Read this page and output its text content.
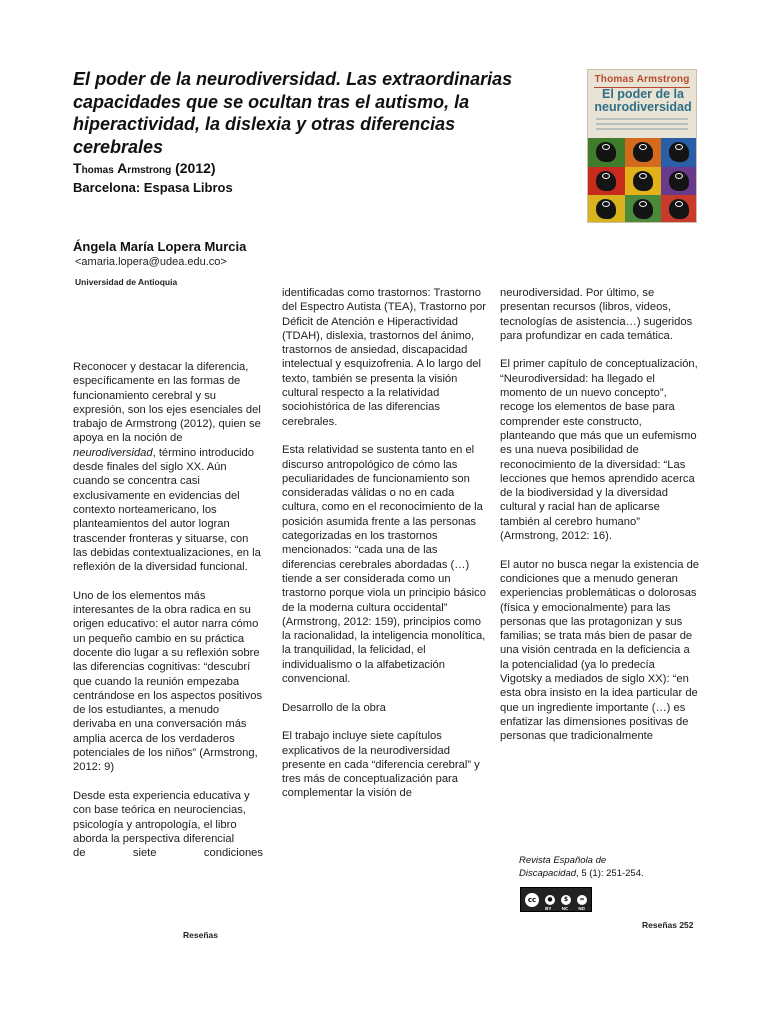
El poder de la neurodiversidad. Las extraordinarias capacidades que se ocultan tras el autismo, la hiperactividad, la dislexia y otras diferencias cerebrales
Thomas Armstrong (2012)
Barcelona: Espasa Libros
Thomas Armstrong
El poder de la
neurodiversidad
Ángela María Lopera Murcia
<amaria.lopera@udea.edu.co>
Universidad de Antioquia

Reconocer y destacar la diferencia, específicamente en las formas de funcionamiento cerebral y su expresión, son los ejes esenciales del trabajo de Armstrong (2012), quien se apoya en la noción de neurodiversidad, término introducido desde finales del siglo XX. Aún cuando se concentra casi exclusivamente en evidencias del contexto norteamericano, los planteamientos del autor logran trascender fronteras y situarse, con las debidas contextualizaciones, en la reflexión de la diversidad funcional.

Uno de los elementos más interesantes de la obra radica en su origen educativo: el autor narra cómo un pequeño cambio en su práctica docente dio lugar a su reflexión sobre las diferencias cognitivas: “descubrí que cuando la reunión empezaba centrándose en los aspectos positivos de los estudiantes, a menudo derivaba en una conversación más amplia acerca de los verdaderos potenciales de los niños” (Armstrong, 2012: 9)

Desde esta experiencia educativa y con base teórica en neurociencias, psicología y antropología, el libro aborda la perspectiva diferencial

de	siete	condiciones

identificadas como trastornos: Trastorno del Espectro Autista (TEA), Trastorno por Déficit de Atención e Hiperactividad (TDAH), dislexia, trastornos del ánimo, trastornos de ansiedad, discapacidad intelectual y esquizofrenia. A lo largo del texto, también se presenta la visión cultural respecto a la relatividad sociohistórica de las diferencias cerebrales.

Esta relatividad se sustenta tanto en el discurso antropológico de cómo las peculiaridades de funcionamiento son consideradas válidas o no en cada cultura, como en el reconocimiento de la posición asumida frente a las personas categorizadas en los trastornos mencionados: “cada una de las diferencias cerebrales abordadas (…) tiende a ser considerada como un trastorno porque viola un principio básico de la moderna cultura occidental” (Armstrong, 2012: 159), principios como la racionalidad, la inteligencia monolítica, la tranquilidad, la felicidad, el individualismo o la alfabetización convencional.

Desarrollo de la obra

El trabajo incluye siete capítulos explicativos de la neurodiversidad presente en cada “diferencia cerebral” y tres más de conceptualización para complementar la visión de

neurodiversidad. Por último, se presentan recursos (libros, videos, tecnologías de asistencia…) sugeridos para profundizar en cada temática.

El primer capítulo de conceptualización, “Neurodiversidad: ha llegado el momento de un nuevo concepto”, recoge los elementos de base para comprender este constructo, planteando que más que un eufemismo es una nueva posibilidad de reconocimiento de la diversidad: “Las lecciones que hemos aprendido acerca de la biodiversidad y la diversidad cultural y racial han de aplicarse también al cerebro humano” (Armstrong, 2012: 16).

El autor no busca negar la existencia de condiciones que a menudo generan experiencias problemáticas o dolorosas (física y emocionalmente) para las personas que las protagonizan y sus familias; se trata más bien de pasar de una visión centrada en la deficiencia a la potencialidad (ya lo predecía Vigotsky a mediados de siglo XX): “en esta obra insisto en la idea particular de que un ingrediente importante (…) es enfatizar las dimensiones positivas de personas que tradicionalmente

Revista Española de
Discapacidad, 5 (1): 251-254.
cc	●	$	=
BY NC ND
Reseñas
Reseñas 252
